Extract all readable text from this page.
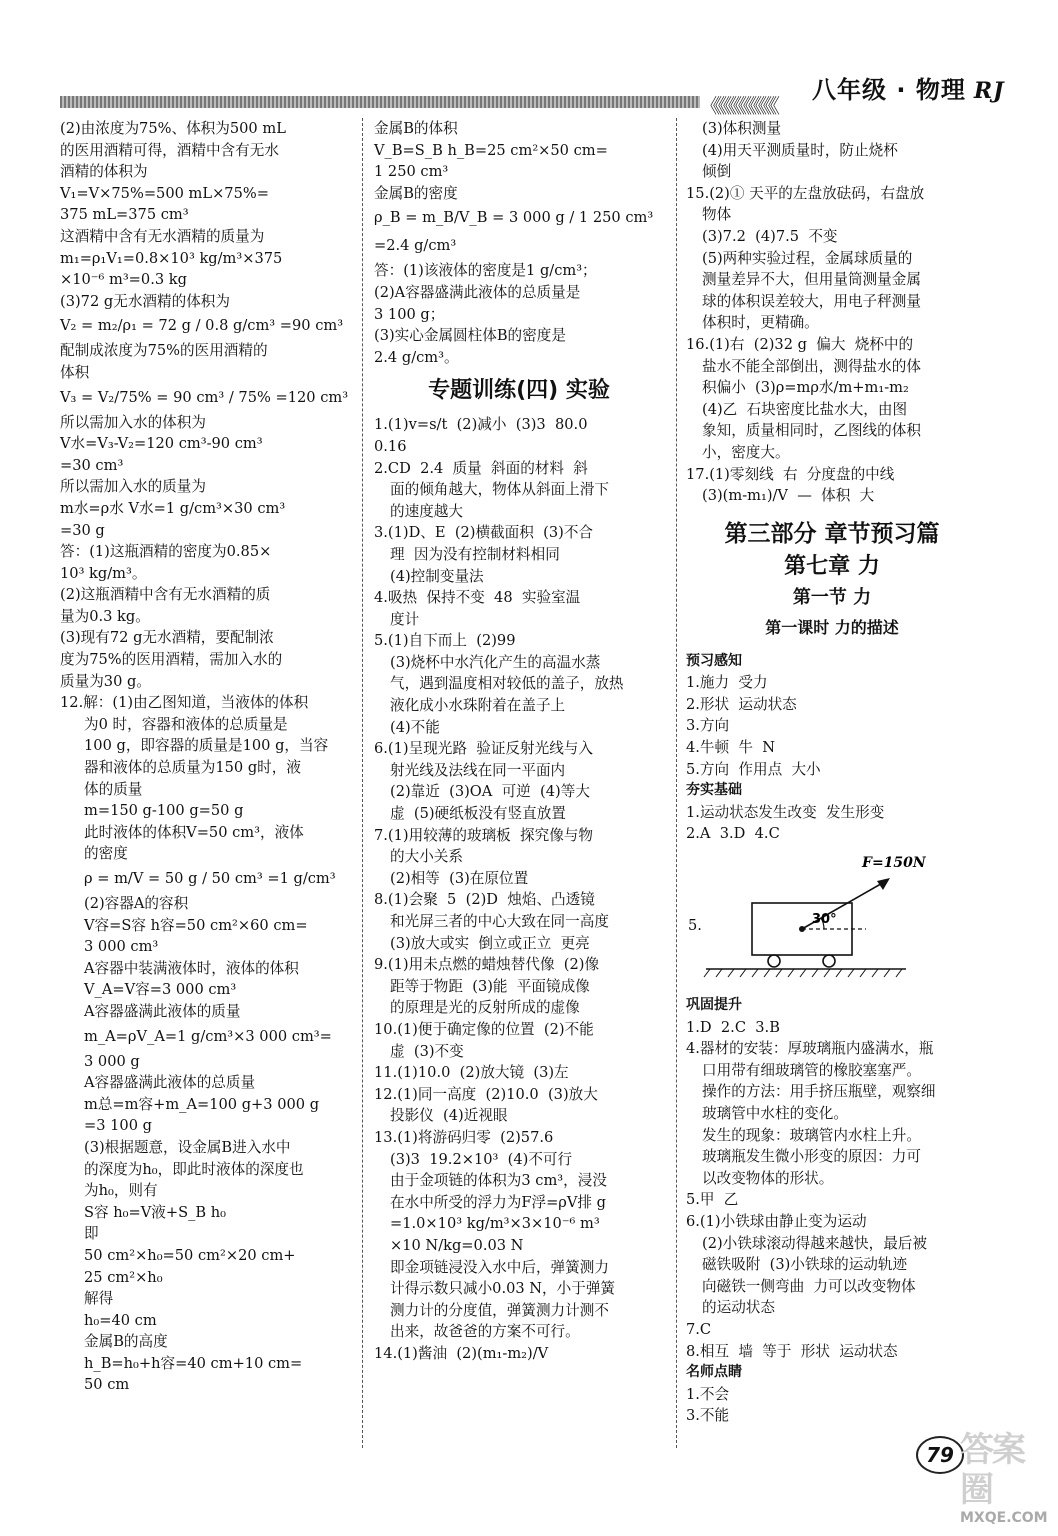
《《《《《《《《《《《《《
八年级 · 物理 RJ
(2)由浓度为75%、体积为500 mL
的医用酒精可得，酒精中含有无水
酒精的体积为
V₁=V×75%=500 mL×75%=
375 mL=375 cm³
这酒精中含有无水酒精的质量为
m₁=ρ₁V₁=0.8×10³ kg/m³×375
×10⁻⁶ m³=0.3 kg
(3)72 g无水酒精的体积为
V₂ = m₂/ρ₁ = 72 g / 0.8 g/cm³ =90 cm³
配制成浓度为75%的医用酒精的
体积
V₃ = V₂/75% = 90 cm³ / 75% =120 cm³
所以需加入水的体积为
V水=V₃-V₂=120 cm³-90 cm³
=30 cm³
所以需加入水的质量为
m水=ρ水 V水=1 g/cm³×30 cm³
=30 g
答：(1)这瓶酒精的密度为0.85×
10³ kg/m³。
(2)这瓶酒精中含有无水酒精的质
量为0.3 kg。
(3)现有72 g无水酒精，要配制浓
度为75%的医用酒精，需加入水的
质量为30 g。
12.解：(1)由乙图知道，当液体的体积
为0 时，容器和液体的总质量是
100 g，即容器的质量是100 g，当容
器和液体的总质量为150 g时，液
体的质量
m=150 g-100 g=50 g
此时液体的体积V=50 cm³，液体
的密度
ρ = m/V = 50 g / 50 cm³ =1 g/cm³
(2)容器A的容积
V容=S容 h容=50 cm²×60 cm=
3 000 cm³
A容器中装满液体时，液体的体积
V_A=V容=3 000 cm³
A容器盛满此液体的质量
m_A=ρV_A=1 g/cm³×3 000 cm³=
3 000 g
A容器盛满此液体的总质量
m总=m容+m_A=100 g+3 000 g
=3 100 g
(3)根据题意，设金属B进入水中
的深度为h₀，即此时液体的深度也
为h₀，则有
S容 h₀=V液+S_B h₀
即
50 cm²×h₀=50 cm²×20 cm+
25 cm²×h₀
解得
h₀=40 cm
金属B的高度
h_B=h₀+h容=40 cm+10 cm=
50 cm
金属B的体积
V_B=S_B h_B=25 cm²×50 cm=
1 250 cm³
金属B的密度
ρ_B = m_B/V_B = 3 000 g / 1 250 cm³ =2.4 g/cm³
答：(1)该液体的密度是1 g/cm³；
(2)A容器盛满此液体的总质量是
3 100 g；
(3)实心金属圆柱体B的密度是
2.4 g/cm³。
专题训练(四) 实验
1.(1)v=s/t  (2)减小  (3)3  80.0
0.16
2.CD  2.4  质量  斜面的材料  斜
面的倾角越大，物体从斜面上滑下
的速度越大
3.(1)D、E  (2)横截面积  (3)不合
理  因为没有控制材料相同
(4)控制变量法
4.吸热  保持不变  48  实验室温
度计
5.(1)自下而上  (2)99
(3)烧杯中水汽化产生的高温水蒸
气，遇到温度相对较低的盖子，放热
液化成小水珠附着在盖子上
(4)不能
6.(1)呈现光路  验证反射光线与入
射光线及法线在同一平面内
(2)靠近  (3)OA  可逆  (4)等大
虚  (5)硬纸板没有竖直放置
7.(1)用较薄的玻璃板  探究像与物
的大小关系
(2)相等  (3)在原位置
8.(1)会聚  5  (2)D  烛焰、凸透镜
和光屏三者的中心大致在同一高度
(3)放大或实  倒立或正立  更亮
9.(1)用未点燃的蜡烛替代像  (2)像
距等于物距  (3)能  平面镜成像
的原理是光的反射所成的虚像
10.(1)便于确定像的位置  (2)不能
虚  (3)不变
11.(1)10.0  (2)放大镜  (3)左
12.(1)同一高度  (2)10.0  (3)放大
投影仪  (4)近视眼
13.(1)将游码归零  (2)57.6
(3)3  19.2×10³  (4)不可行
由于金项链的体积为3 cm³，浸没
在水中所受的浮力为F浮=ρV排 g
=1.0×10³ kg/m³×3×10⁻⁶ m³
×10 N/kg=0.03 N
即金项链浸没入水中后，弹簧测力
计得示数只减小0.03 N，小于弹簧
测力计的分度值，弹簧测力计测不
出来，故爸爸的方案不可行。
14.(1)酱油  (2)(m₁-m₂)/V
(3)体积测量
(4)用天平测质量时，防止烧杯
倾倒
15.(2)① 天平的左盘放砝码，右盘放
物体
(3)7.2  (4)7.5  不变
(5)两种实验过程，金属球质量的
测量差异不大，但用量筒测量金属
球的体积误差较大，用电子秤测量
体积时，更精确。
16.(1)右  (2)32 g  偏大  烧杯中的
盐水不能全部倒出，测得盐水的体
积偏小  (3)ρ=mρ水/m+m₁-m₂
(4)乙  石块密度比盐水大，由图
象知，质量相同时，乙图线的体积
小，密度大。
17.(1)零刻线  右  分度盘的中线
(3)(m-m₁)/V  —  体积  大
第三部分 章节预习篇
第七章 力
第一节 力
第一课时 力的描述
预习感知
1.施力  受力
2.形状  运动状态
3.方向
4.牛顿  牛  N
5.方向  作用点  大小
夯实基础
1.运动状态发生改变  发生形变
2.A  3.D  4.C
5.	30°
F=150N
巩固提升
1.D  2.C  3.B
4.器材的安装：厚玻璃瓶内盛满水，瓶
口用带有细玻璃管的橡胶塞塞严。
操作的方法：用手挤压瓶壁，观察细
玻璃管中水柱的变化。
发生的现象：玻璃管内水柱上升。
玻璃瓶发生微小形变的原因：力可
以改变物体的形状。
5.甲  乙
6.(1)小铁球由静止变为运动
(2)小铁球滚动得越来越快，最后被
磁铁吸附  (3)小铁球的运动轨迹
向磁铁一侧弯曲  力可以改变物体
的运动状态
7.C
8.相互  墙  等于  形状  运动状态
名师点睛
1.不会
3.不能
79 答案圈
MXQE.COM
